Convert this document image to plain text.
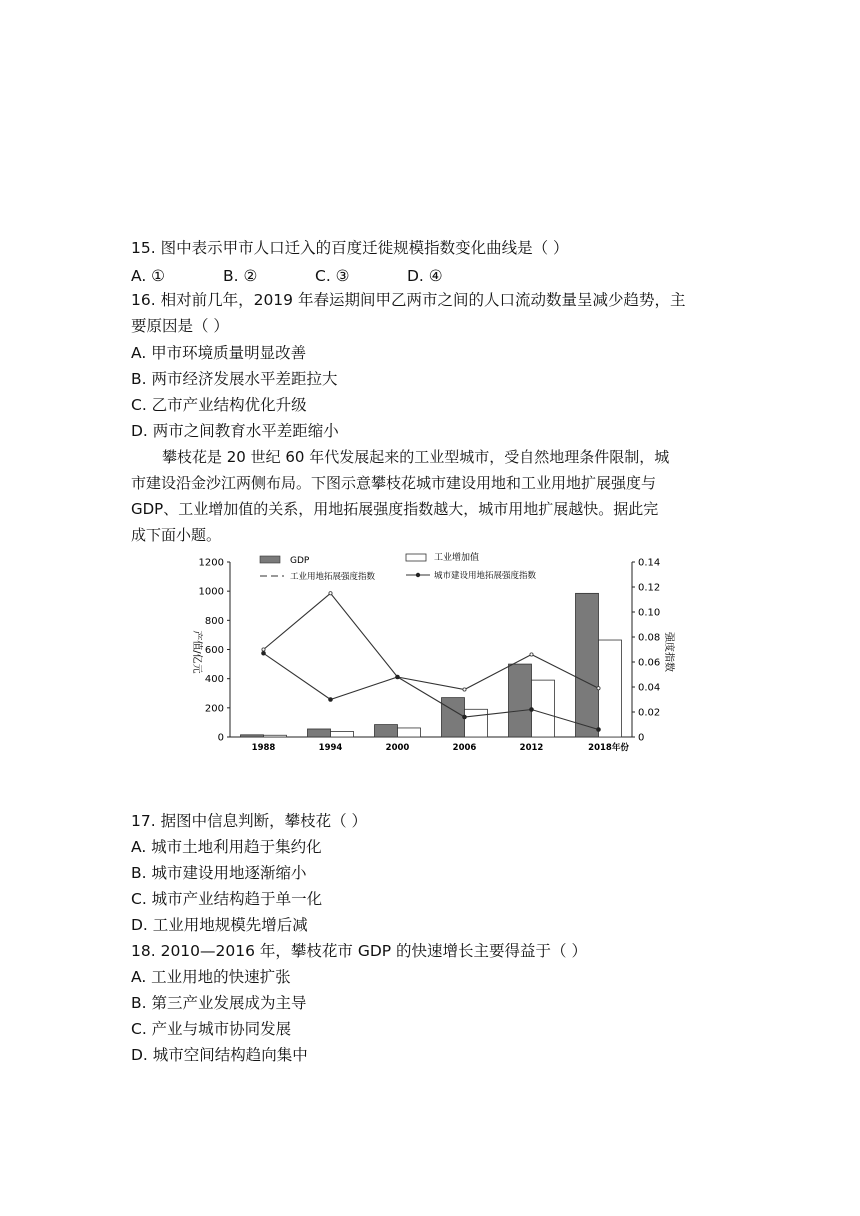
15. 图中表示甲市人口迁入的百度迁徙规模指数变化曲线是（ ）
A. ①	B. ②	C. ③	D. ④
16. 相对前几年，2019 年春运期间甲乙两市之间的人口流动数量呈减少趋势，主
要原因是（ ）
A. 甲市环境质量明显改善
B. 两市经济发展水平差距拉大
C. 乙市产业结构优化升级
D. 两市之间教育水平差距缩小
攀枝花是 20 世纪 60 年代发展起来的工业型城市，受自然地理条件限制，城
市建设沿金沙江两侧布局。下图示意攀枝花城市建设用地和工业用地扩展强度与
GDP、工业增加值的关系，用地拓展强度指数越大，城市用地扩展越快。据此完
成下面小题。
GDP	工业增加值
工业用地拓展强度指数	城市建设用地拓展强度指数
0
200
400
600
800
1000
1200
0
0.02
0.04
0.06
0.08
0.10
0.12
0.14
1988	1994	2000	2006	2012	2018年份
产值/亿元	强度指数
17. 据图中信息判断，攀枝花（ ）
A. 城市土地利用趋于集约化
B. 城市建设用地逐渐缩小
C. 城市产业结构趋于单一化
D. 工业用地规模先增后减
18. 2010—2016 年，攀枝花市 GDP 的快速增长主要得益于（ ）
A. 工业用地的快速扩张
B. 第三产业发展成为主导
C. 产业与城市协同发展
D. 城市空间结构趋向集中
